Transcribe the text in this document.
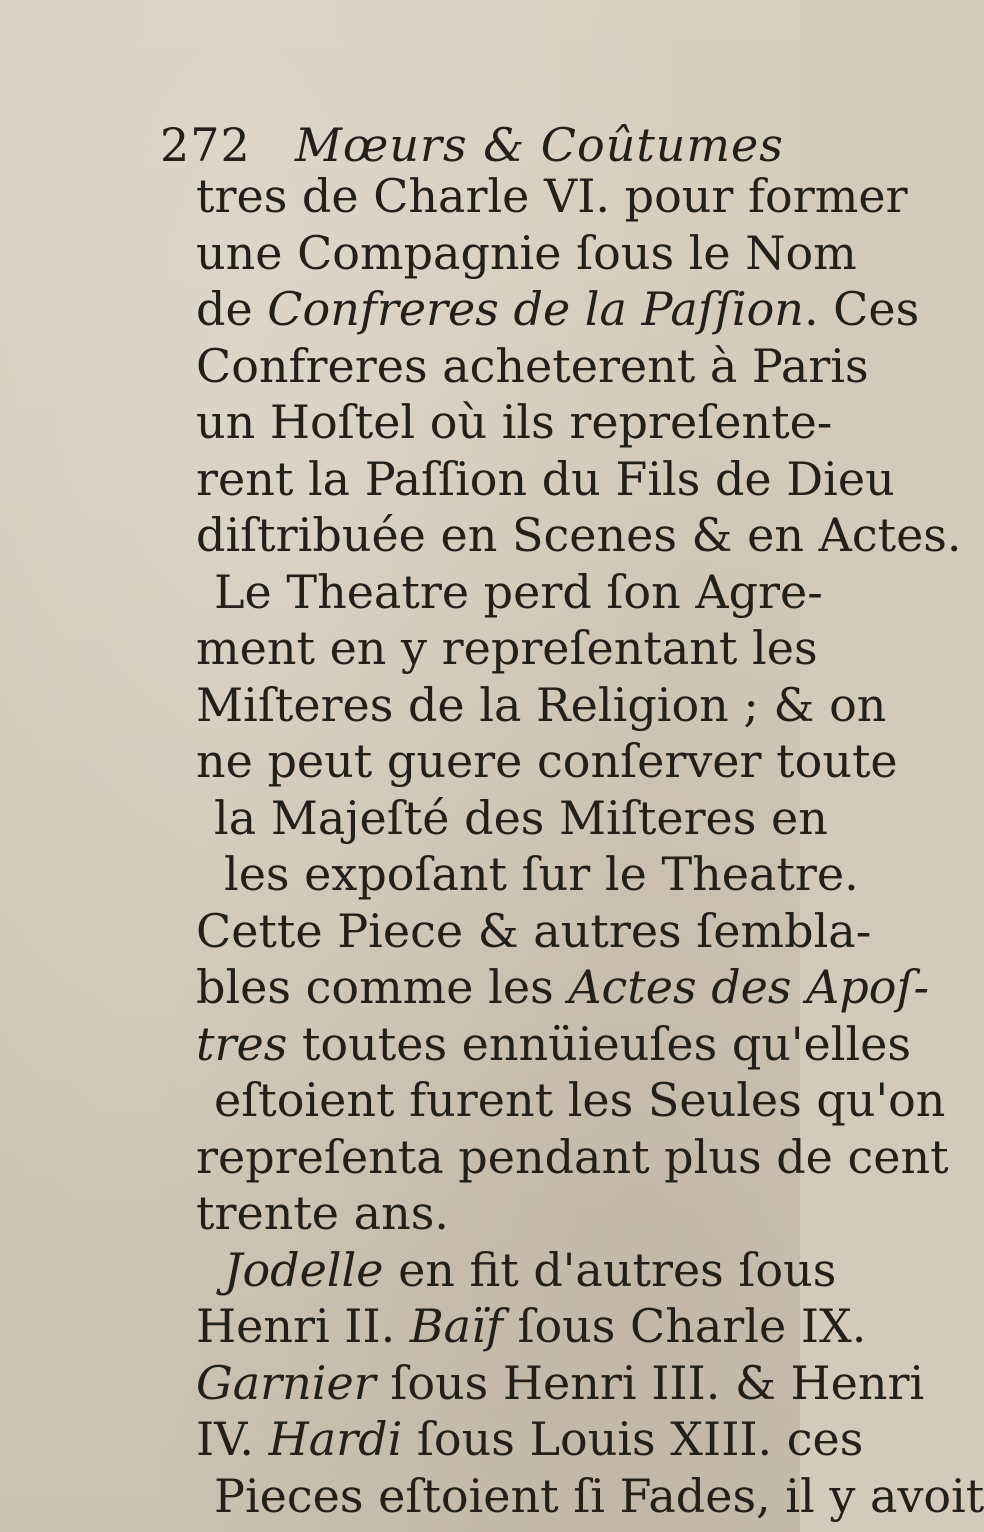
272 Mœurs & Coûtumes
tres de Charle VI. pour former
une Compagnie ſous le Nom
de Confreres de la Paſſion. Ces
Confreres acheterent à Paris
un Hoſtel où ils repreſente-
rent la Paſſion du Fils de Dieu
diſtribuée en Scenes & en Actes.
Le Theatre perd ſon Agre-
ment en y repreſentant les
Miſteres de la Religion ; & on
ne peut guere conſerver toute
la Majeſté des Miſteres en
les expoſant ſur le Theatre.
Cette Piece & autres ſembla-
bles comme les Actes des Apoſ-
tres toutes ennüieuſes qu'elles
eſtoient furent les Seules qu'on
repreſenta pendant plus de cent
trente ans.
Jodelle en fit d'autres ſous
Henri II. Baïf ſous Charle IX.
Garnier ſous Henri III. & Henri
IV. Hardi ſous Louis XIII. ces
Pieces eſtoient ſi Fades, il y avoit
